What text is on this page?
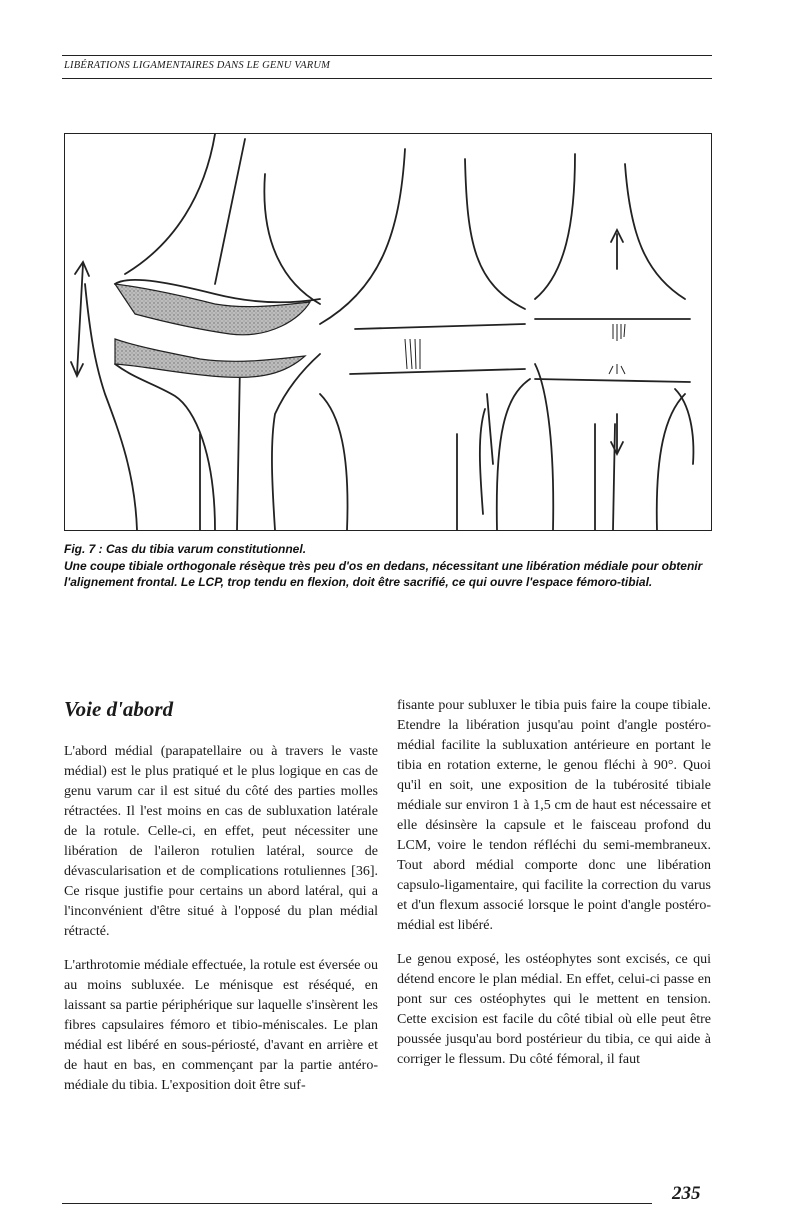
LIBÉRATIONS LIGAMENTAIRES DANS LE GENU VARUM

Fig. 7 : Cas du tibia varum constitutionnel.

Une coupe tibiale orthogonale résèque très peu d'os en dedans, nécessitant une libération médiale pour obtenir l'alignement frontal. Le LCP, trop tendu en flexion, doit être sacrifié, ce qui ouvre l'espace fémoro-tibial.

Voie d'abord

L'abord médial (parapatellaire ou à travers le vaste médial) est le plus pratiqué et le plus logique en cas de genu varum car il est situé du côté des parties molles rétractées. Il l'est moins en cas de subluxation latérale de la rotule. Celle-ci, en effet, peut nécessiter une libération de l'aileron rotulien latéral, source de dévascularisation et de complications rotuliennes [36]. Ce risque justifie pour certains un abord latéral, qui a l'inconvénient d'être situé à l'opposé du plan médial rétracté.

L'arthrotomie médiale effectuée, la rotule est éversée ou au moins subluxée. Le ménisque est réséqué, en laissant sa partie périphérique sur laquelle s'insèrent les fibres capsulaires fémoro et tibio-méniscales. Le plan médial est libéré en sous-périosté, d'avant en arrière et de haut en bas, en commençant par la partie antéro-médiale du tibia. L'exposition doit être suf-

fisante pour subluxer le tibia puis faire la coupe tibiale. Etendre la libération jusqu'au point d'angle postéro-médial facilite la subluxation antérieure en portant le tibia en rotation externe, le genou fléchi à 90°. Quoi qu'il en soit, une exposition de la tubérosité tibiale médiale sur environ 1 à 1,5 cm de haut est nécessaire et elle désinsère la capsule et le faisceau profond du LCM, voire le tendon réfléchi du semi-membraneux. Tout abord médial comporte donc une libération capsulo-ligamentaire, qui facilite la correction du varus et d'un flexum associé lorsque le point d'angle postéro-médial est libéré.

Le genou exposé, les ostéophytes sont excisés, ce qui détend encore le plan médial. En effet, celui-ci passe en pont sur ces ostéophytes qui le mettent en tension. Cette excision est facile du côté tibial où elle peut être poussée jusqu'au bord postérieur du tibia, ce qui aide à corriger le flessum. Du côté fémoral, il faut

235
